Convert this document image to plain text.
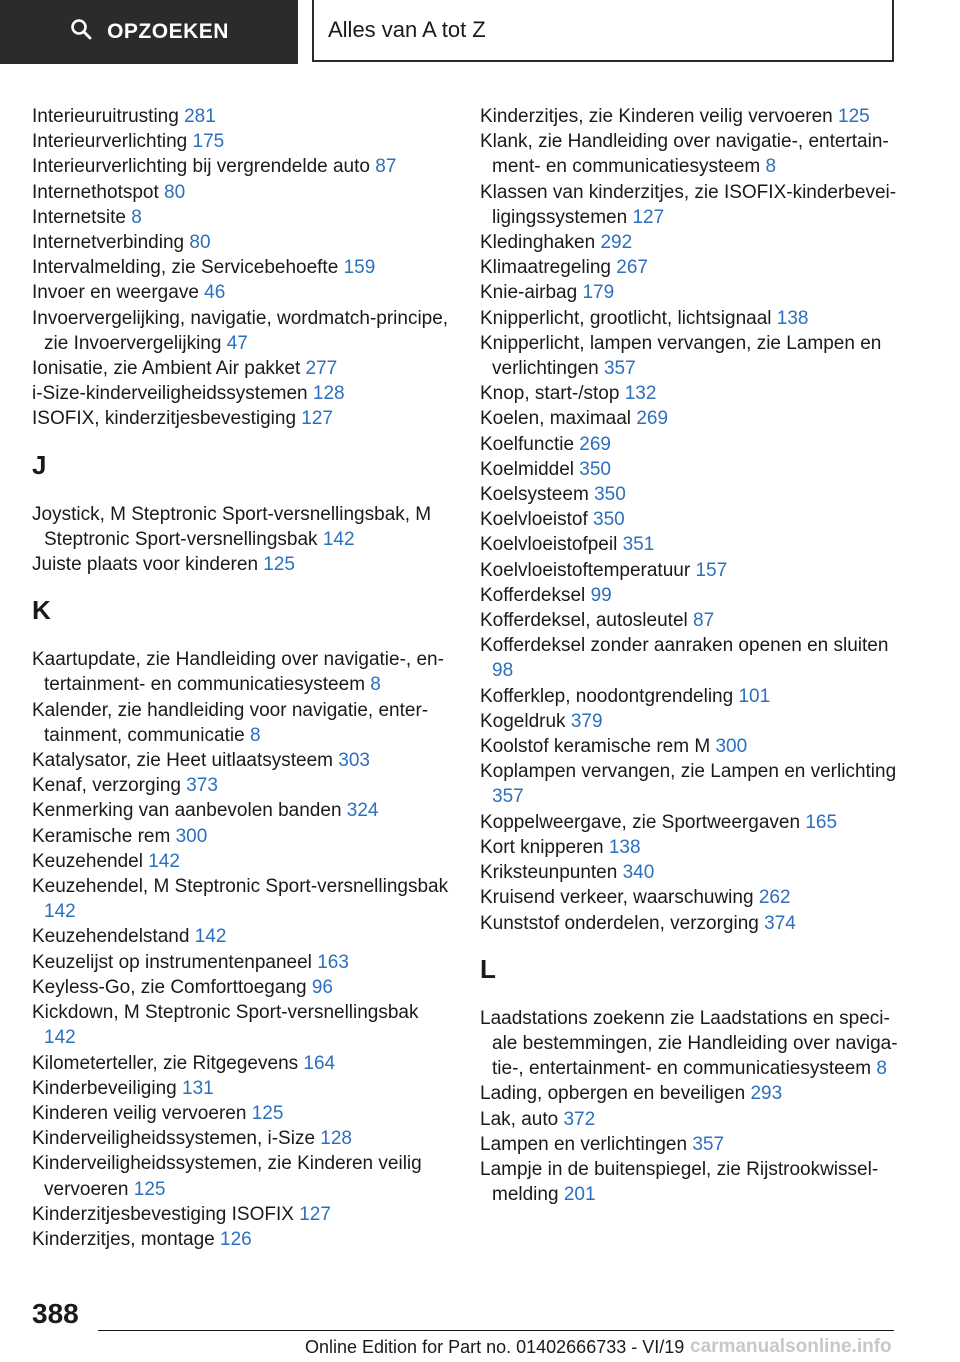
OPZOEKEN	Alles van A tot Z
Interieuruitrusting 281
Interieurverlichting 175
Interieurverlichting bij vergrendelde auto 87
Internethotspot 80
Internetsite 8
Internetverbinding 80
Intervalmelding, zie Servicebehoefte 159
Invoer en weergave 46
Invoervergelijking, navigatie, wordmatch-principe, zie Invoervergelijking 47
Ionisatie, zie Ambient Air pakket 277
i-Size-kinderveiligheidssystemen 128
ISOFIX, kinderzitjesbevestiging 127
J
Joystick, M Steptronic Sport-versnellingsbak, M Steptronic Sport-versnellingsbak 142
Juiste plaats voor kinderen 125
K
Kaartupdate, zie Handleiding over navigatie-, entertainment- en communicatiesysteem 8
Kalender, zie handleiding voor navigatie, entertainment, communicatie 8
Katalysator, zie Heet uitlaatsysteem 303
Kenaf, verzorging 373
Kenmerking van aanbevolen banden 324
Keramische rem 300
Keuzehendel 142
Keuzehendel, M Steptronic Sport-versnellingsbak 142
Keuzehendelstand 142
Keuzelijst op instrumentenpaneel 163
Keyless-Go, zie Comforttoegang 96
Kickdown, M Steptronic Sport-versnellingsbak 142
Kilometerteller, zie Ritgegevens 164
Kinderbeveiliging 131
Kinderen veilig vervoeren 125
Kinderveiligheidssystemen, i-Size 128
Kinderveiligheidssystemen, zie Kinderen veilig vervoeren 125
Kinderzitjesbevestiging ISOFIX 127
Kinderzitjes, montage 126
Kinderzitjes, zie Kinderen veilig vervoeren 125
Klank, zie Handleiding over navigatie-, entertainment- en communicatiesysteem 8
Klassen van kinderzitjes, zie ISOFIX-kinderbeveiligingssystemen 127
Kledinghaken 292
Klimaatregeling 267
Knie-airbag 179
Knipperlicht, grootlicht, lichtsignaal 138
Knipperlicht, lampen vervangen, zie Lampen en verlichtingen 357
Knop, start-/stop 132
Koelen, maximaal 269
Koelfunctie 269
Koelmiddel 350
Koelsysteem 350
Koelvloeistof 350
Koelvloeistofpeil 351
Koelvloeistoftemperatuur 157
Kofferdeksel 99
Kofferdeksel, autosleutel 87
Kofferdeksel zonder aanraken openen en sluiten 98
Kofferklep, noodontgrendeling 101
Kogeldruk 379
Koolstof keramische rem M 300
Koplampen vervangen, zie Lampen en verlichting 357
Koppelweergave, zie Sportweergaven 165
Kort knipperen 138
Kriksteunpunten 340
Kruisend verkeer, waarschuwing 262
Kunststof onderdelen, verzorging 374
L
Laadstations zoekenn zie Laadstations en speciale bestemmingen, zie Handleiding over navigatie-, entertainment- en communicatiesysteem 8
Lading, opbergen en beveiligen 293
Lak, auto 372
Lampen en verlichtingen 357
Lampje in de buitenspiegel, zie Rijstrookwisselmelding 201
388
Online Edition for Part no. 01402666733 - VI/19 carmanualsonline.info
